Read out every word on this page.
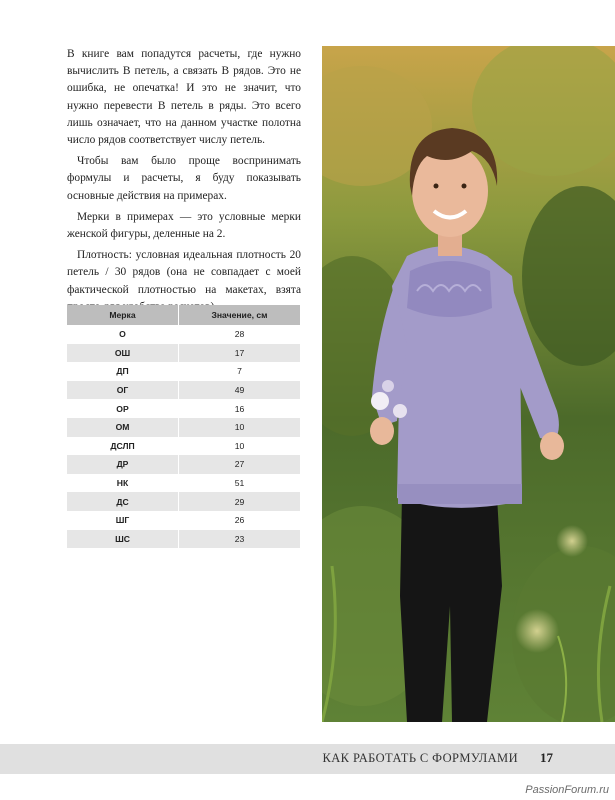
В книге вам попадутся расчеты, где нужно вычислить В петель, а связать В рядов. Это не ошибка, не опечатка! И это не значит, что нужно перевести В петель в ряды. Это всего лишь означает, что на данном участке полотна число рядов соответствует числу петель.

Чтобы вам было проще воспринимать формулы и расчеты, я буду показывать основные действия на примерах.

Мерки в примерах — это условные мерки женской фигуры, деленные на 2.

Плотность: условная идеальная плотность 20 петель / 30 рядов (она не совпадает с моей фактической плотностью на макетах, взята

Мерка	Значение, см
О	28
ОШ	17
ДП	7
ОГ	49
ОР	16
ОМ	10
ДСЛП	10
ДР	27
НК	51
ДС	29
ШГ	26
ШС	23
КАК РАБОТАТЬ С ФОРМУЛАМИ 17
PassionForum.ru
